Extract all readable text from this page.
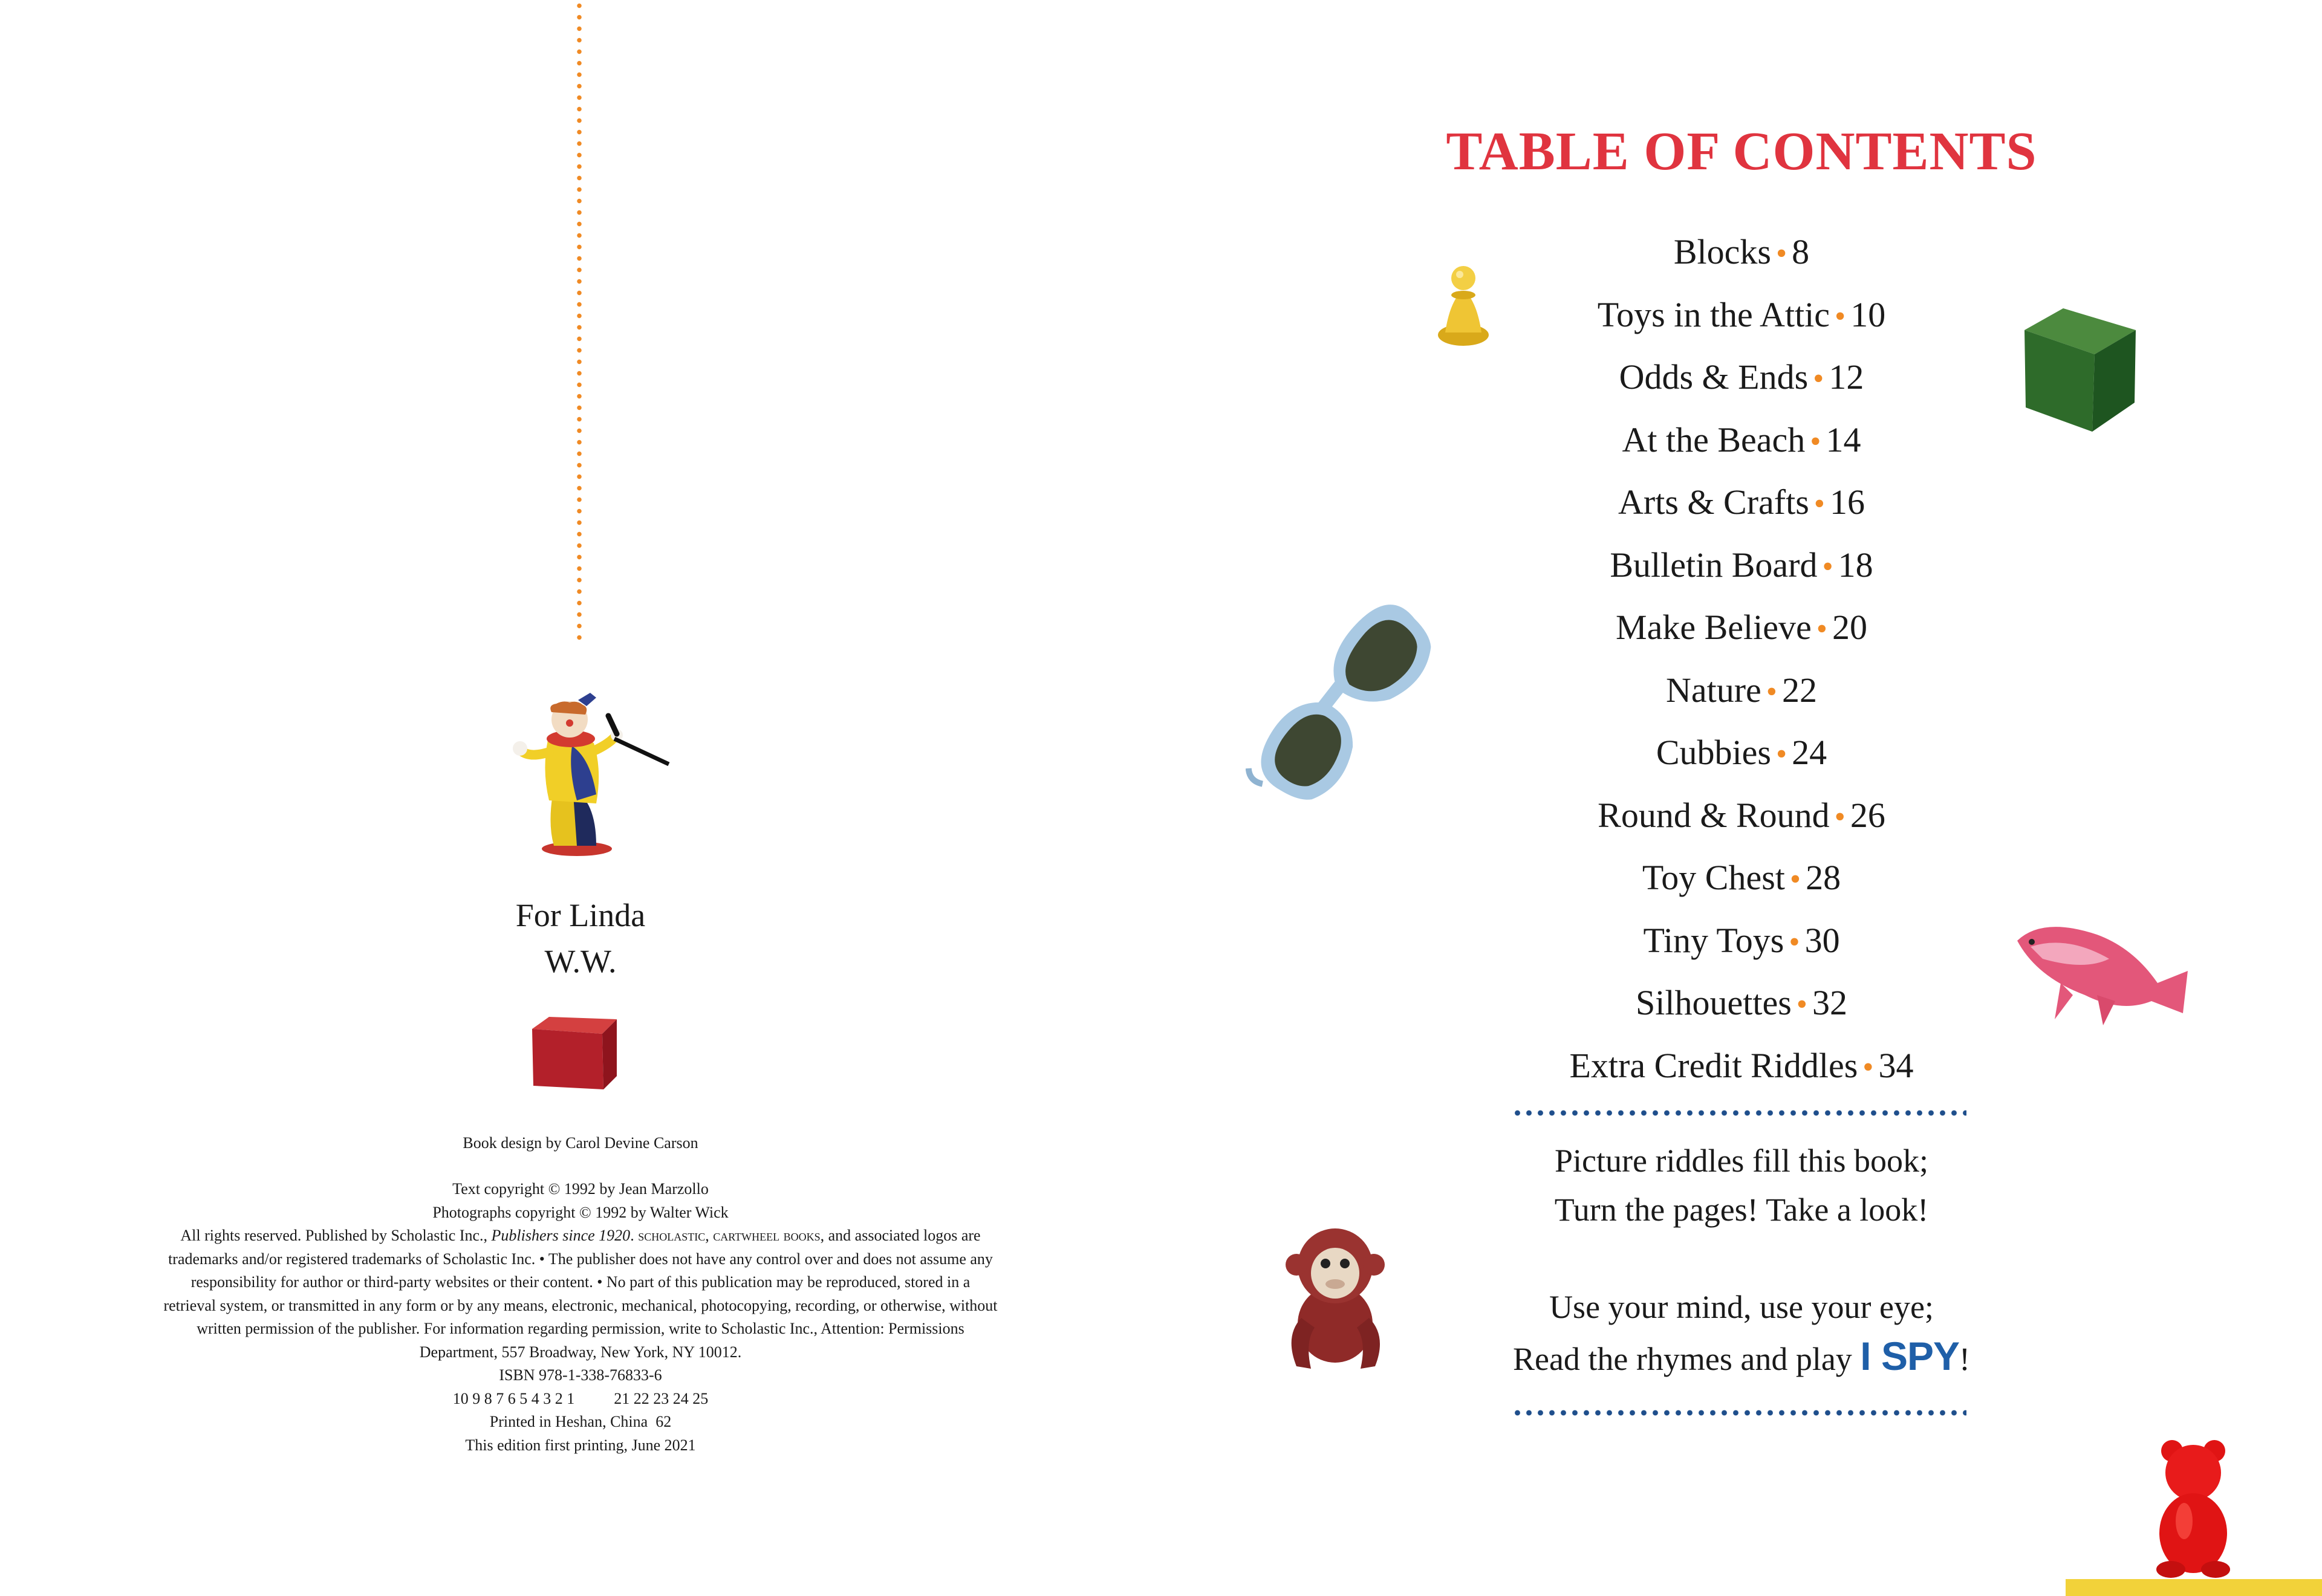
For Linda
W.W.

Book design by Carol Devine Carson

Text copyright © 1992 by Jean Marzollo

Photographs copyright © 1992 by Walter Wick

All rights reserved. Published by Scholastic Inc., Publishers since 1920. scholastic, cartwheel books, and associated logos are trademarks and/or registered trademarks of Scholastic Inc. • The publisher does not have any control over and does not assume any responsibility for author or third-party websites or their content. • No part of this publication may be reproduced, stored in a retrieval system, or transmitted in any form or by any means, electronic, mechanical, photocopying, recording, or otherwise, without written permission of the publisher. For information regarding permission, write to Scholastic Inc., Attention: Permissions Department, 557 Broadway, New York, NY 10012.

ISBN 978-1-338-76833-6

10 9 8 7 6 5 4 3 2 1          21 22 23 24 25

Printed in Heshan, China  62

This edition first printing, June 2021

TABLE OF CONTENTS
Blocks • 8
Toys in the Attic • 10
Odds & Ends • 12
At the Beach • 14
Arts & Crafts • 16
Bulletin Board • 18
Make Believe • 20
Nature • 22
Cubbies • 24
Round & Round • 26
Toy Chest • 28
Tiny Toys • 30
Silhouettes • 32
Extra Credit Riddles • 34
Picture riddles fill this book;
Turn the pages! Take a look!
Use your mind, use your eye;
Read the rhymes and play I SPY!
